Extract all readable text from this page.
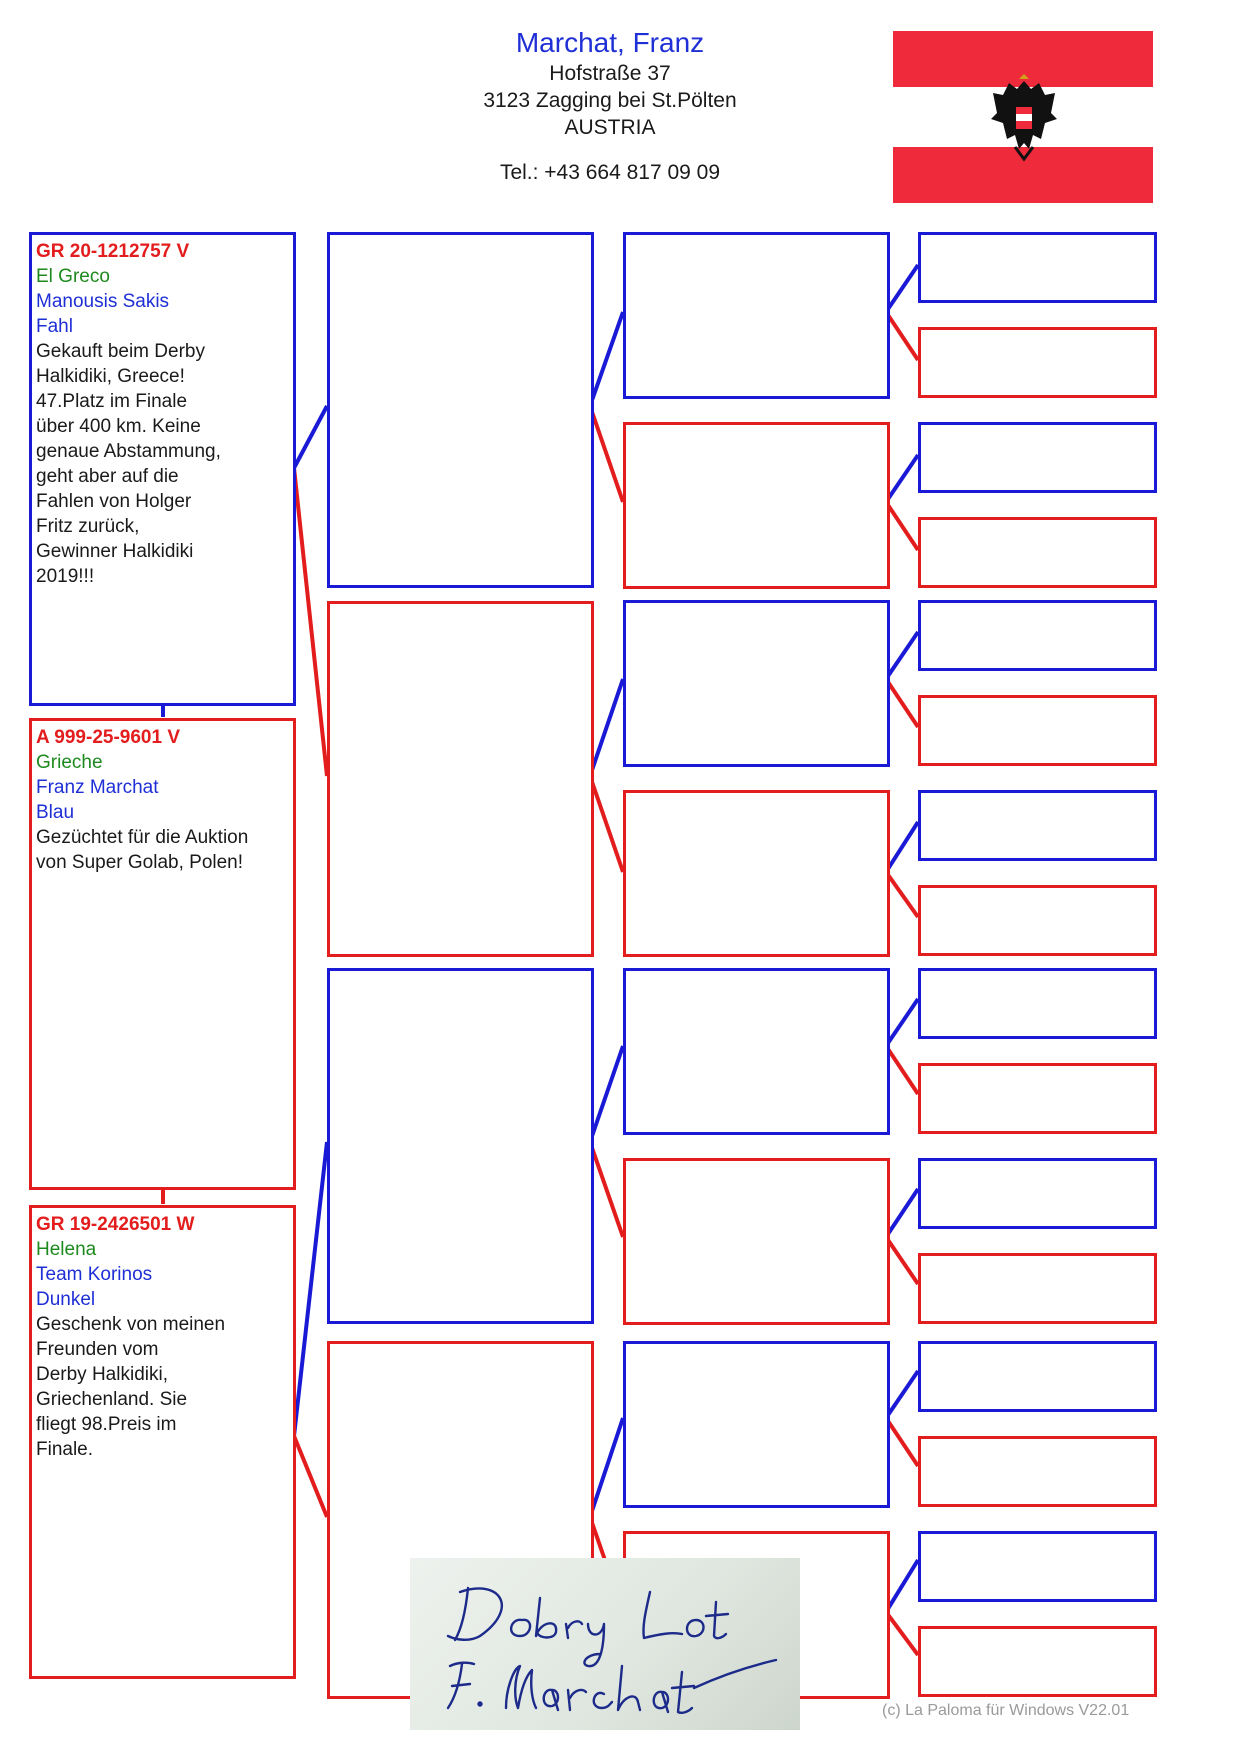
Marchat, Franz
Hofstraße 37
3123 Zagging bei St.Pölten
AUSTRIA
Tel.: +43 664 817 09 09
GR 20-1212757 V
El Greco
Manousis Sakis
Fahl
Gekauft beim Derby
Halkidiki, Greece!
47.Platz im Finale
über 400 km. Keine
genaue Abstammung,
geht aber auf die
Fahlen von Holger
Fritz zurück,
Gewinner Halkidiki
2019!!!
A 999-25-9601 V
Grieche
Franz Marchat
Blau
Gezüchtet für die Auktion
von Super Golab, Polen!
GR 19-2426501 W
Helena
Team Korinos
Dunkel
Geschenk von meinen
Freunden vom
Derby Halkidiki,
Griechenland. Sie
fliegt 98.Preis im
Finale.
(c) La Paloma für Windows V22.01
